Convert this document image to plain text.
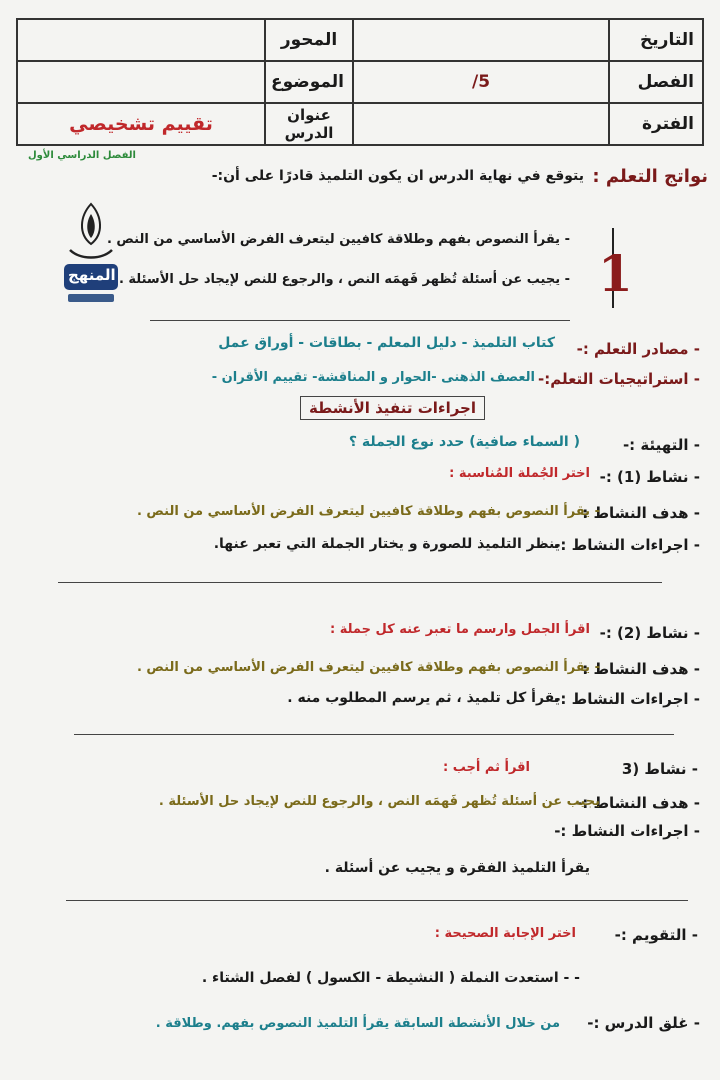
التاريخ		المحور	
الفصل	5/	الموضوع	
الفترة		عنوان الدرس	تقييم تشخيصي
الفصل الدراسي الأول
نواتج التعلم :
يتوقع في نهاية الدرس ان يكون التلميذ قادرًا على أن:-
1
- يقرأ النصوص بفهم وطلاقة كافيين ليتعرف الفرض الأساسي من النص .
- يجيب عن أسئلة تُظهر فَهمَه النص ، والرجوع للنص لإيجاد حل الأسئلة .
المنهج
- مصادر التعلم :-
كتاب التلميذ - دليل المعلم - بطاقات - أوراق عمل
- استراتيجيات التعلم:-
العصف الذهنى -الحوار و المناقشة- تقييم الأقران -
اجراءات تنفيذ الأنشطة
- التهيئة :-
( السماء صافية) حدد نوع الجملة ؟
- نشاط (1) :-
اختر الجُملة المُناسبة :
- هدف النشاط :
- يقرأ النصوص بفهم وطلاقة كافيين ليتعرف الفرض الأساسي من النص .
- اجراءات النشاط :-
ينظر التلميذ للصورة و يختار الجملة التي تعبر عنها.
- نشاط (2) :-
اقرأ الجمل وارسم ما تعبر عنه كل جملة :
- هدف النشاط :
- يقرأ النصوص بفهم وطلاقة كافيين ليتعرف الفرض الأساسي من النص .
- اجراءات النشاط :-
يقرأ كل تلميذ ، ثم يرسم المطلوب منه .
- نشاط (3
اقرأ ثم أجب :
- هدف النشاط :-
يجيب عن أسئلة تُظهر فَهمَه النص ، والرجوع للنص لإيجاد حل الأسئلة .
- اجراءات النشاط :-
يقرأ التلميذ الفقرة و يجيب عن أسئلة .
- التقويم :-
اختر الإجابة الصحيحة :
- - استعدت النملة ( النشيطة - الكسول ) لفصل الشتاء .
- غلق الدرس :-
من خلال الأنشطة السابقة يقرأ التلميذ النصوص بفهم. وطلاقة .
